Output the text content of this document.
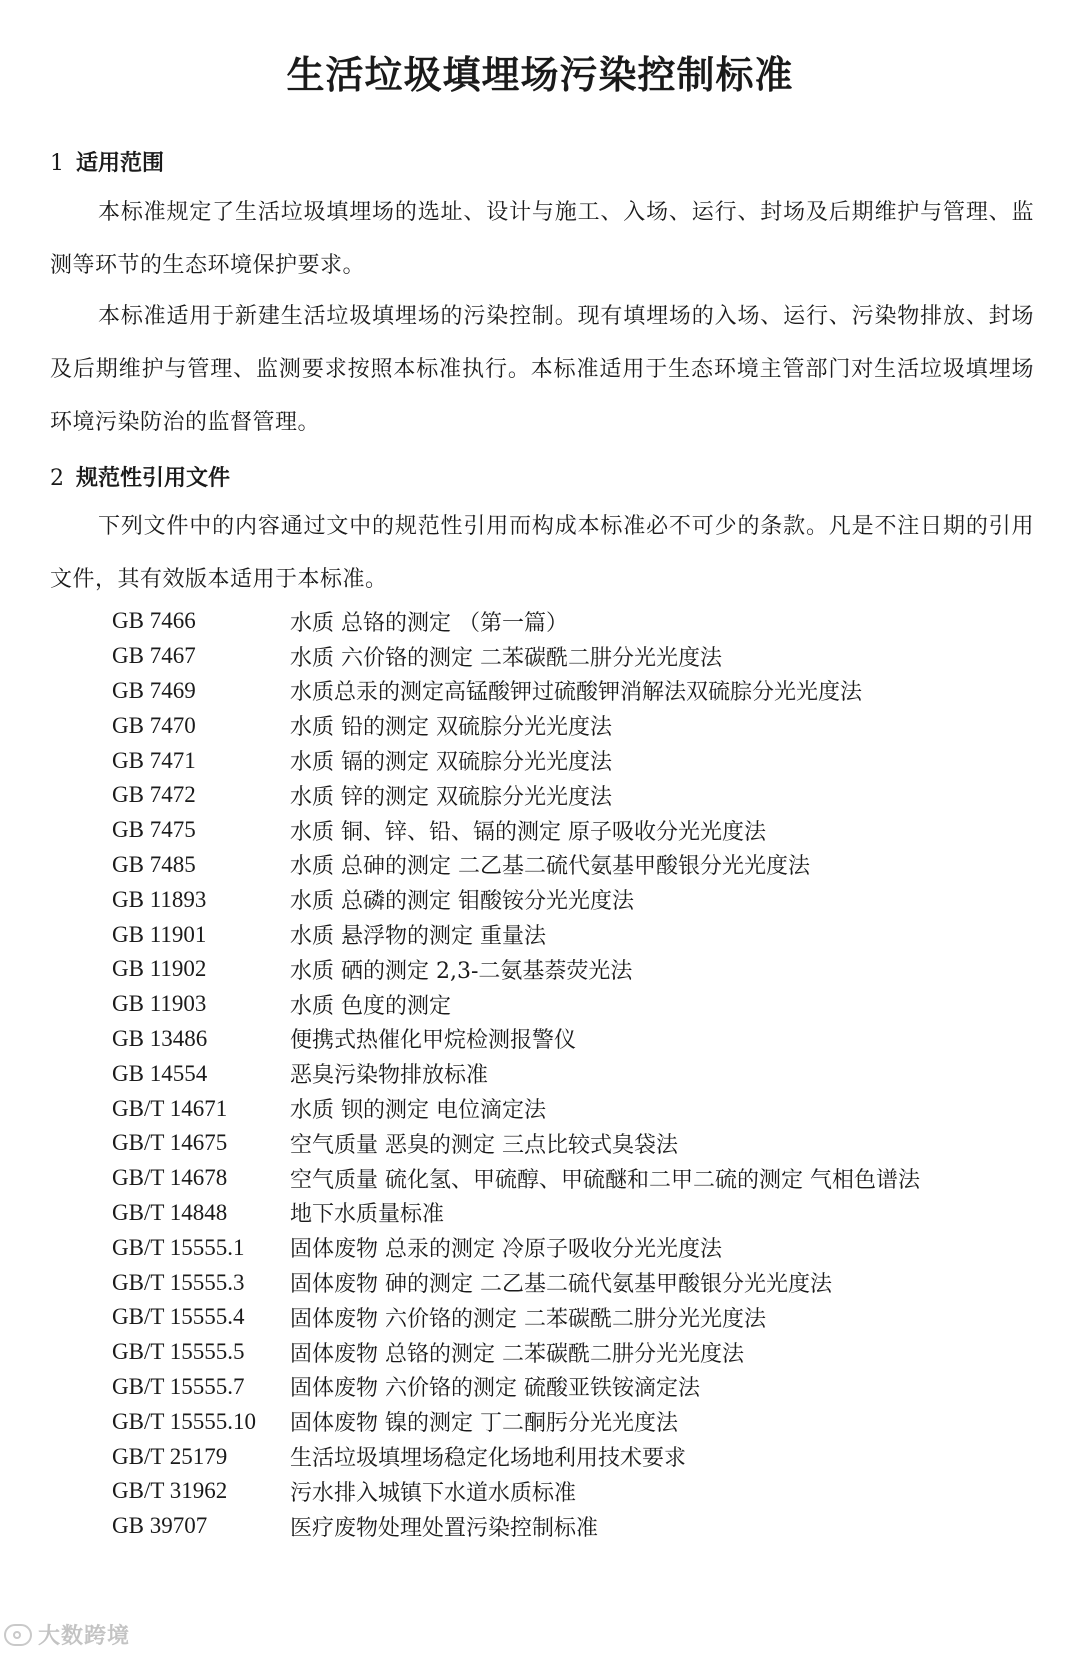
生活垃圾填埋场污染控制标准
1 适用范围

本标准规定了生活垃圾填埋场的选址、设计与施工、入场、运行、封场及后期维护与管理、监测等环节的生态环境保护要求。

本标准适用于新建生活垃圾填埋场的污染控制。现有填埋场的入场、运行、污染物排放、封场及后期维护与管理、监测要求按照本标准执行。本标准适用于生态环境主管部门对生活垃圾填埋场环境污染防治的监督管理。

2 规范性引用文件

下列文件中的内容通过文中的规范性引用而构成本标准必不可少的条款。凡是不注日期的引用文件，其有效版本适用于本标准。

GB 7466	水质 总铬的测定 （第一篇）
GB 7467	水质 六价铬的测定 二苯碳酰二肼分光光度法
GB 7469	水质总汞的测定高锰酸钾过硫酸钾消解法双硫腙分光光度法
GB 7470	水质 铅的测定 双硫腙分光光度法
GB 7471	水质 镉的测定 双硫腙分光光度法
GB 7472	水质 锌的测定 双硫腙分光光度法
GB 7475	水质 铜、锌、铅、镉的测定 原子吸收分光光度法
GB 7485	水质 总砷的测定 二乙基二硫代氨基甲酸银分光光度法
GB 11893	水质 总磷的测定 钼酸铵分光光度法
GB 11901	水质 悬浮物的测定 重量法
GB 11902	水质 硒的测定 2,3-二氨基萘荧光法
GB 11903	水质 色度的测定
GB 13486	便携式热催化甲烷检测报警仪
GB 14554	恶臭污染物排放标准
GB/T 14671	水质 钡的测定 电位滴定法
GB/T 14675	空气质量 恶臭的测定 三点比较式臭袋法
GB/T 14678	空气质量 硫化氢、甲硫醇、甲硫醚和二甲二硫的测定 气相色谱法
GB/T 14848	地下水质量标准
GB/T 15555.1	固体废物 总汞的测定 冷原子吸收分光光度法
GB/T 15555.3	固体废物 砷的测定 二乙基二硫代氨基甲酸银分光光度法
GB/T 15555.4	固体废物 六价铬的测定 二苯碳酰二肼分光光度法
GB/T 15555.5	固体废物 总铬的测定 二苯碳酰二肼分光光度法
GB/T 15555.7	固体废物 六价铬的测定 硫酸亚铁铵滴定法
GB/T 15555.10	固体废物 镍的测定 丁二酮肟分光光度法
GB/T 25179	生活垃圾填埋场稳定化场地利用技术要求
GB/T 31962	污水排入城镇下水道水质标准
GB 39707	医疗废物处理处置污染控制标准
大数跨境
